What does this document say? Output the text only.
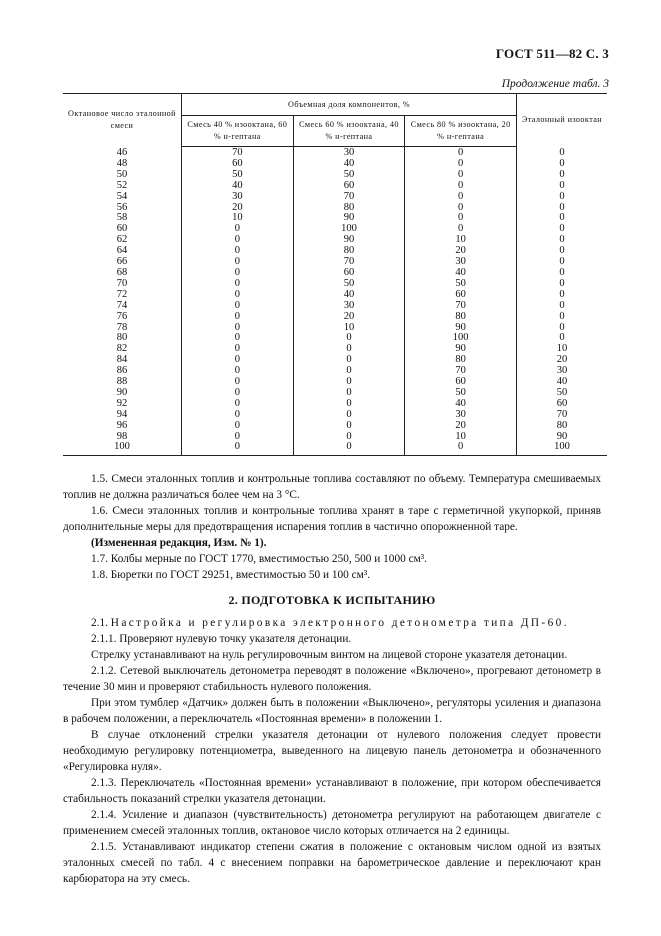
ГОСТ 511—82 С. 3
Продолжение табл. 3
Октановое число эталонной смеси	Объемная доля компонентов, %			Эталонный изооктан
	Смесь 40 % изооктана, 60 % н-гептана	Смесь 60 % изооктана, 40 % н-гептана	Смесь 80 % изооктана, 20 % н-гептана	
46	70	30	0	0
48	60	40	0	0
50	50	50	0	0
52	40	60	0	0
54	30	70	0	0
56	20	80	0	0
58	10	90	0	0
60	0	100	0	0
62	0	90	10	0
64	0	80	20	0
66	0	70	30	0
68	0	60	40	0
70	0	50	50	0
72	0	40	60	0
74	0	30	70	0
76	0	20	80	0
78	0	10	90	0
80	0	0	100	0
82	0	0	90	10
84	0	0	80	20
86	0	0	70	30
88	0	0	60	40
90	0	0	50	50
92	0	0	40	60
94	0	0	30	70
96	0	0	20	80
98	0	0	10	90
100	0	0	0	100

1.5. Смеси эталонных топлив и контрольные топлива составляют по объему. Температура смешиваемых топлив не должна различаться более чем на 3 °С.

1.6. Смеси эталонных топлив и контрольные топлива хранят в таре с герметичной укупоркой, приняв дополнительные меры для предотвращения испарения топлив в частично опорожненной таре.

(Измененная редакция, Изм. № 1).

1.7. Колбы мерные по ГОСТ 1770, вместимостью 250, 500 и 1000 см³.

1.8. Бюретки по ГОСТ 29251, вместимостью 50 и 100 см³.

2. ПОДГОТОВКА К ИСПЫТАНИЮ

2.1. Настройка и регулировка электронного детонометра типа ДП-60.

2.1.1. Проверяют нулевую точку указателя детонации.

Стрелку устанавливают на нуль регулировочным винтом на лицевой стороне указателя детонации.

2.1.2. Сетевой выключатель детонометра переводят в положение «Включено», прогревают детонометр в течение 30 мин и проверяют стабильность нулевого положения.

При этом тумблер «Датчик» должен быть в положении «Выключено», регуляторы усиления и диапазона в рабочем положении, а переключатель «Постоянная времени» в положении 1.

В случае отклонений стрелки указателя детонации от нулевого положения следует провести необходимую регулировку потенциометра, выведенного на лицевую панель детонометра и обозначенного «Регулировка нуля».

2.1.3. Переключатель «Постоянная времени» устанавливают в положение, при котором обеспечивается стабильность показаний стрелки указателя детонации.

2.1.4. Усиление и диапазон (чувствительность) детонометра регулируют на работающем двигателе с применением смесей эталонных топлив, октановое число которых отличается на 2 единицы.

2.1.5. Устанавливают индикатор степени сжатия в положение с октановым числом одной из взятых эталонных смесей по табл. 4 с внесением поправки на барометрическое давление и переключают кран карбюратора на эту смесь.
